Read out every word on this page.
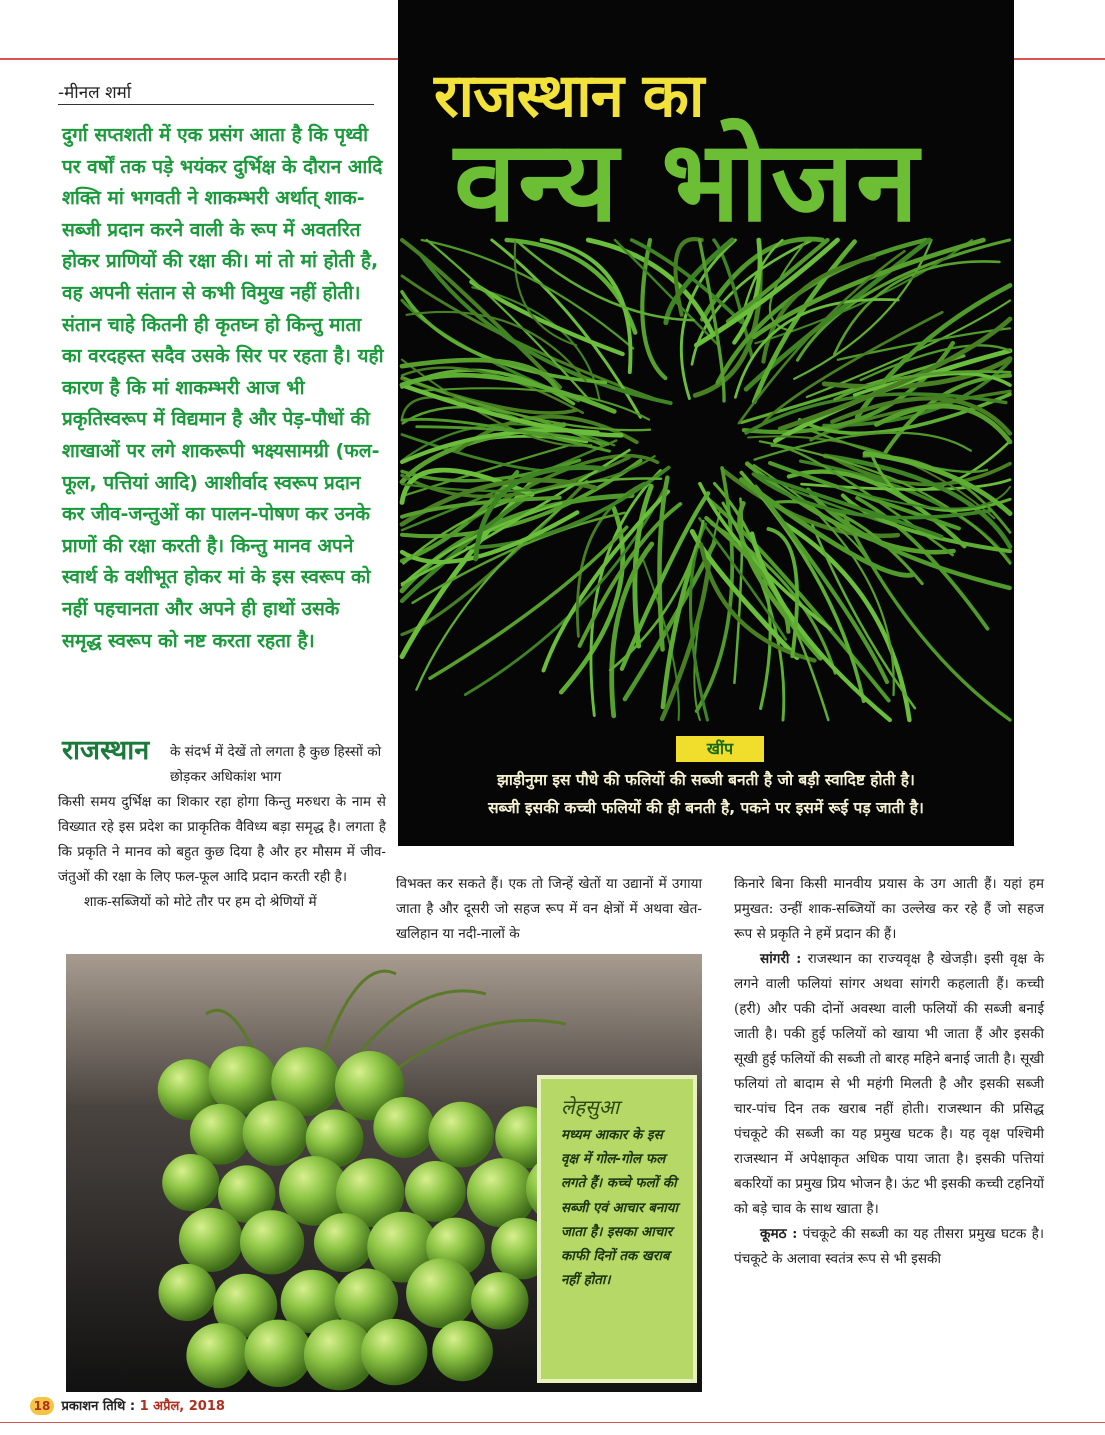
-मीनल शर्मा
दुर्गा सप्तशती में एक प्रसंग आता है कि पृथ्वी पर वर्षों तक पड़े भयंकर दुर्भिक्ष के दौरान आदि शक्ति मां भगवती ने शाकम्भरी अर्थात् शाक-सब्जी प्रदान करने वाली के रूप में अवतरित होकर प्राणियों की रक्षा की। मां तो मां होती है, वह अपनी संतान से कभी विमुख नहीं होती। संतान चाहे कितनी ही कृतघ्न हो किन्तु माता का वरदहस्त सदैव उसके सिर पर रहता है। यही कारण है कि मां शाकम्भरी आज भी प्रकृतिस्वरूप में विद्यमान है और पेड़-पौधों की शाखाओं पर लगे शाकरूपी भक्ष्यसामग्री (फल-फूल, पत्तियां आदि) आशीर्वाद स्वरूप प्रदान कर जीव-जन्तुओं का पालन-पोषण कर उनके प्राणों की रक्षा करती है। किन्तु मानव अपने स्वार्थ के वशीभूत होकर मां के इस स्वरूप को नहीं पहचानता और अपने ही हाथों उसके समृद्ध स्वरूप को नष्ट करता रहता है।
राजस्थान का
वन्य भोजन
खींप
झाड़ीनुमा इस पौधे की फलियों की सब्जी बनती है जो बड़ी स्वादिष्ट होती है।
सब्जी इसकी कच्ची फलियों की ही बनती है, पकने पर इसमें रूई पड़ जाती है।
राजस्थान के संदर्भ में देखें तो लगता है कुछ हिस्सों को छोड़कर अधिकांश भाग

किसी समय दुर्भिक्ष का शिकार रहा होगा किन्तु मरुधरा के नाम से विख्यात रहे इस प्रदेश का प्राकृतिक वैविध्य बड़ा समृद्ध है। लगता है कि प्रकृति ने मानव को बहुत कुछ दिया है और हर मौसम में जीव-जंतुओं की रक्षा के लिए फल-फूल आदि प्रदान करती रही है।

शाक-सब्जियों को मोटे तौर पर हम दो श्रेणियों में

विभक्त कर सकते हैं। एक तो जिन्हें खेतों या उद्यानों में उगाया जाता है और दूसरी जो सहज रूप में वन क्षेत्रों में अथवा खेत-खलिहान या नदी-नालों के

किनारे बिना किसी मानवीय प्रयास के उग आती हैं। यहां हम प्रमुखत: उन्हीं शाक-सब्जियों का उल्लेख कर रहे हैं जो सहज रूप से प्रकृति ने हमें प्रदान की हैं।

सांगरी : राजस्थान का राज्यवृक्ष है खेजड़ी। इसी वृक्ष के लगने वाली फलियां सांगर अथवा सांगरी कहलाती हैं। कच्ची (हरी) और पकी दोनों अवस्था वाली फलियों की सब्जी बनाई जाती है। पकी हुई फलियों को खाया भी जाता हैं और इसकी सूखी हुई फलियों की सब्जी तो बारह महिने बनाई जाती है। सूखी फलियां तो बादाम से भी महंगी मिलती है और इसकी सब्जी चार-पांच दिन तक खराब नहीं होती। राजस्थान की प्रसिद्ध पंचकूटे की सब्जी का यह प्रमुख घटक है। यह वृक्ष पश्चिमी राजस्थान में अपेक्षाकृत अधिक पाया जाता है। इसकी पत्तियां बकरियों का प्रमुख प्रिय भोजन है। ऊंट भी इसकी कच्ची टहनियों को बड़े चाव के साथ खाता है।

कूमठ : पंचकूटे की सब्जी का यह तीसरा प्रमुख घटक है। पंचकूटे के अलावा स्वतंत्र रूप से भी इसकी

लेहसुआ
मध्यम आकार के इस वृक्ष में गोल-गोल फल लगते हैं। कच्चे फलों की सब्जी एवं आचार बनाया जाता है। इसका आचार काफी दिनों तक खराब नहीं होता।
18 प्रकाशन तिथि : 1 अप्रैल, 2018
